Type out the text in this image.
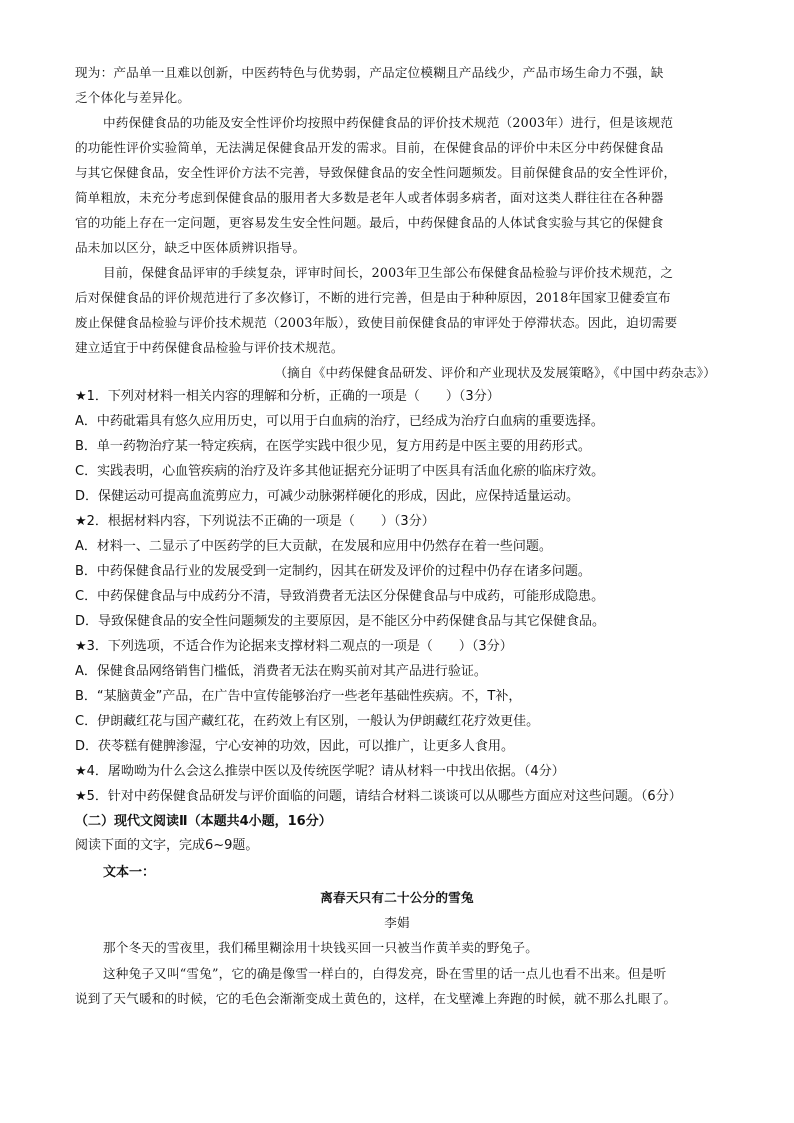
现为：产品单一且难以创新，中医药特色与优势弱，产品定位模糊且产品线少，产品市场生命力不强，缺
乏个体化与差异化。
中药保健食品的功能及安全性评价均按照中药保健食品的评价技术规范（2003年）进行，但是该规范
的功能性评价实验简单，无法满足保健食品开发的需求。目前，在保健食品的评价中未区分中药保健食品
与其它保健食品，安全性评价方法不完善，导致保健食品的安全性问题频发。目前保健食品的安全性评价，
简单粗放，未充分考虑到保健食品的服用者大多数是老年人或者体弱多病者，面对这类人群往往在各种器
官的功能上存在一定问题，更容易发生安全性问题。最后，中药保健食品的人体试食实验与其它的保健食
品未加以区分，缺乏中医体质辨识指导。
目前，保健食品评审的手续复杂，评审时间长，2003年卫生部公布保健食品检验与评价技术规范，之
后对保健食品的评价规范进行了多次修订，不断的进行完善，但是由于种种原因，2018年国家卫健委宣布
废止保健食品检验与评价技术规范（2003年版），致使目前保健食品的审评处于停滞状态。因此，迫切需要
建立适宜于中药保健食品检验与评价技术规范。
（摘自《中药保健食品研发、评价和产业现状及发展策略》，《中国中药杂志》）
★1．下列对材料一相关内容的理解和分析，正确的一项是（　　）（3分）
A．中药砒霜具有悠久应用历史，可以用于白血病的治疗，已经成为治疗白血病的重要选择。
B．单一药物治疗某一特定疾病，在医学实践中很少见，复方用药是中医主要的用药形式。
C．实践表明，心血管疾病的治疗及许多其他证据充分证明了中医具有活血化瘀的临床疗效。
D．保健运动可提高血流剪应力，可减少动脉粥样硬化的形成，因此，应保持适量运动。
★2．根据材料内容，下列说法不正确的一项是（　　）（3分）
A．材料一、二显示了中医药学的巨大贡献，在发展和应用中仍然存在着一些问题。
B．中药保健食品行业的发展受到一定制约，因其在研发及评价的过程中仍存在诸多问题。
C．中药保健食品与中成药分不清，导致消费者无法区分保健食品与中成药，可能形成隐患。
D．导致保健食品的安全性问题频发的主要原因，是不能区分中药保健食品与其它保健食品。
★3．下列选项，不适合作为论据来支撑材料二观点的一项是（　　）（3分）
A．保健食品网络销售门槛低，消费者无法在购买前对其产品进行验证。
B．“某脑黄金”产品，在广告中宣传能够治疗一些老年基础性疾病。不，T补，
C．伊朗藏红花与国产藏红花，在药效上有区别，一般认为伊朗藏红花疗效更佳。
D．茯苓糕有健脾渗湿，宁心安神的功效，因此，可以推广，让更多人食用。
★4．屠呦呦为什么会这么推崇中医以及传统医学呢？请从材料一中找出依据。（4分）
★5．针对中药保健食品研发与评价面临的问题，请结合材料二谈谈可以从哪些方面应对这些问题。（6分）
（二）现代文阅读Ⅱ（本题共4小题，16分）
阅读下面的文字，完成6~9题。
文本一：
离春天只有二十公分的雪兔
李娟
那个冬天的雪夜里，我们稀里糊涂用十块钱买回一只被当作黄羊卖的野兔子。
这种兔子又叫“雪兔”，它的确是像雪一样白的，白得发亮，卧在雪里的话一点儿也看不出来。但是听
说到了天气暖和的时候，它的毛色会渐渐变成土黄色的，这样，在戈壁滩上奔跑的时候，就不那么扎眼了。
